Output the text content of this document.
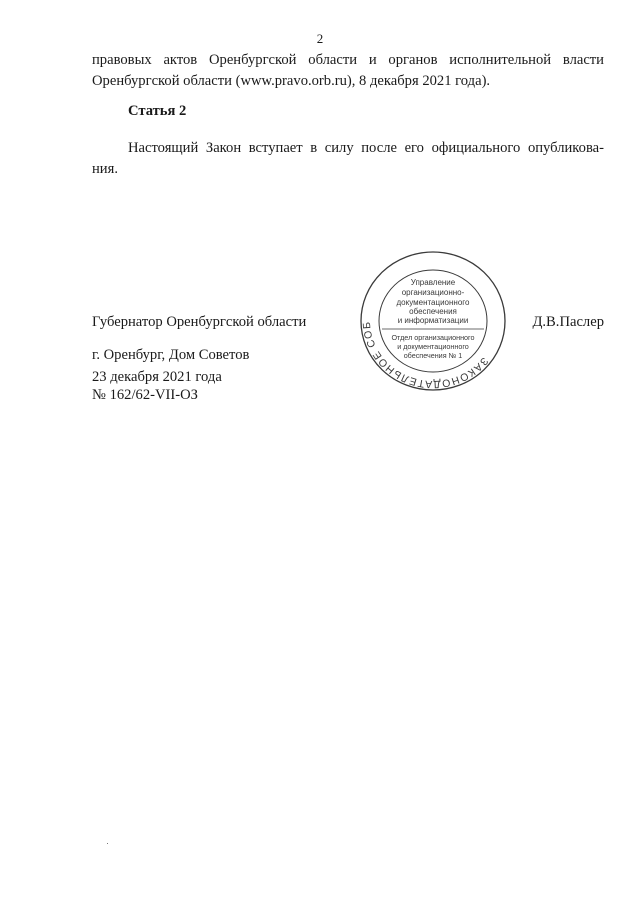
2
правовых актов Оренбургской области и органов исполнительной власти
Оренбургской области (www.pravo.orb.ru), 8 декабря 2021 года).
Статья 2
Настоящий Закон вступает в силу после его официального опубликова-
ния.
Губернатор Оренбургской области
ЗАКОНОДАТЕЛЬНОЕ СОБРАНИЕ ОРЕНБУРГСКОЙ ОБЛАСТИ
Управление
организационно-
документационного
обеспечения
и информатизации
Отдел организационного
и документационного
обеспечения № 1
Д.В.Паслер
г. Оренбург, Дом Советов
23 декабря 2021 года
№ 162/62-VII-ОЗ
